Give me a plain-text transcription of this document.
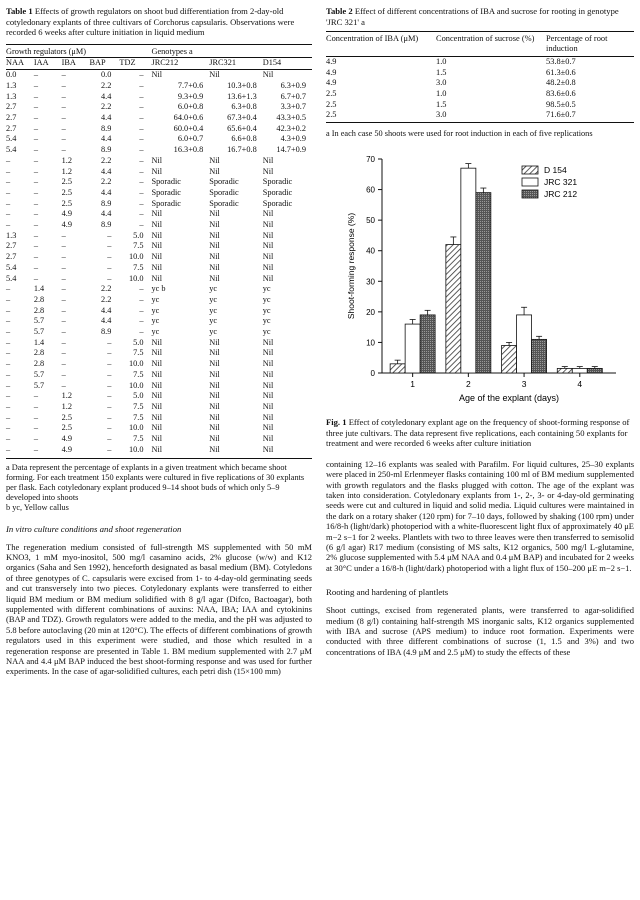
Table 1 Effects of growth regulators on shoot bud differentiation from 2-day-old cotyledonary explants of three cultivars of Corchorus capsularis. Observations were recorded 6 weeks after culture initiation in liquid medium
Growth regulators (μM)					Genotypes a		
NAA	IAA	IBA	BAP	TDZ	JRC212	JRC321	D154
0.0	–	–	0.0	–	Nil	Nil	Nil
1.3	–	–	2.2	–	7.7+0.6	10.3+0.8	6.3+0.9
1.3	–	–	4.4	–	9.3+0.9	13.6+1.3	6.7+0.7
2.7	–	–	2.2	–	6.0+0.8	6.3+0.8	3.3+0.7
2.7	–	–	4.4	–	64.0+0.6	67.3+0.4	43.3+0.5
2.7	–	–	8.9	–	60.0+0.4	65.6+0.4	42.3+0.2
5.4	–	–	4.4	–	6.0+0.7	6.6+0.8	4.3+0.9
5.4	–	–	8.9	–	16.3+0.8	16.7+0.8	14.7+0.9
–	–	1.2	2.2	–	Nil	Nil	Nil
–	–	1.2	4.4	–	Nil	Nil	Nil
–	–	2.5	2.2	–	Sporadic	Sporadic	Sporadic
–	–	2.5	4.4	–	Sporadic	Sporadic	Sporadic
–	–	2.5	8.9	–	Sporadic	Sporadic	Sporadic
–	–	4.9	4.4	–	Nil	Nil	Nil
–	–	4.9	8.9	–	Nil	Nil	Nil
1.3	–	–	–	5.0	Nil	Nil	Nil
2.7	–	–	–	7.5	Nil	Nil	Nil
2.7	–	–	–	10.0	Nil	Nil	Nil
5.4	–	–	–	7.5	Nil	Nil	Nil
5.4	–	–	–	10.0	Nil	Nil	Nil
–	1.4	–	2.2	–	yc b	yc	yc
–	2.8	–	2.2	–	yc	yc	yc
–	2.8	–	4.4	–	yc	yc	yc
–	5.7	–	4.4	–	yc	yc	yc
–	5.7	–	8.9	–	yc	yc	yc
–	1.4	–	–	5.0	Nil	Nil	Nil
–	2.8	–	–	7.5	Nil	Nil	Nil
–	2.8	–	–	10.0	Nil	Nil	Nil
–	5.7	–	–	7.5	Nil	Nil	Nil
–	5.7	–	–	10.0	Nil	Nil	Nil
–	–	1.2	–	5.0	Nil	Nil	Nil
–	–	1.2	–	7.5	Nil	Nil	Nil
–	–	2.5	–	7.5	Nil	Nil	Nil
–	–	2.5	–	10.0	Nil	Nil	Nil
–	–	4.9	–	7.5	Nil	Nil	Nil
–	–	4.9	–	10.0	Nil	Nil	Nil
a Data represent the percentage of explants in a given treatment which became shoot forming. For each treatment 150 explants were cultured in five replications of 30 explants per flask. Each cotyledonary explant produced 9–14 shoot buds of which only 5–9 developed into shoots
b yc, Yellow callus
In vitro culture conditions and shoot regeneration
The regeneration medium consisted of full-strength MS supplemented with 50 mM KNO3, 1 mM myo-inositol, 500 mg/l casamino acids, 2% glucose (w/w) and K12 organics (Saha and Sen 1992), henceforth designated as basal medium (BM). Cotyledons of three genotypes of C. capsularis were excised from 1- to 4-day-old germinating seeds and cut transversely into two pieces. Cotyledonary explants were transferred to either liquid BM medium or BM medium solidified with 8 g/l agar (Difco, Bactoagar), both supplemented with different combinations of auxins: NAA, IBA; IAA and cytokinins (BAP and TDZ). Growth regulators were added to the media, and the pH was adjusted to 5.8 before autoclaving (20 min at 120°C). The effects of different combinations of growth regulators used in this experiment were studied, and those which resulted in a regeneration response are presented in Table 1. BM medium supplemented with 2.7 μM NAA and 4.4 μM BAP induced the best shoot-forming response and was used for further experiments. In the case of agar-solidified cultures, each petri dish (15×100 mm)
Table 2 Effect of different concentrations of IBA and sucrose for rooting in genotype 'JRC 321' a
Concentration of IBA (μM)	Concentration of sucrose (%)	Percentage of root induction
4.9	1.0	53.8±0.7
4.9	1.5	61.3±0.6
4.9	3.0	48.2±0.8
2.5	1.0	83.6±0.6
2.5	1.5	98.5±0.5
2.5	3.0	71.6±0.7
a In each case 50 shoots were used for root induction in each of five replications
0
10
20
30
40
50
60
70
Shoot-forming response (%)
Age of the explant (days)
1	2	3	4
D 154
JRC 321
JRC 212
Fig. 1 Effect of cotyledonary explant age on the frequency of shoot-forming response of three jute cultivars. The data represent five replications, each containing 50 explants for treatment and were recorded 6 weeks after culture initiation
containing 12–16 explants was sealed with Parafilm. For liquid cultures, 25–30 explants were placed in 250-ml Erlenmeyer flasks containing 100 ml of BM medium supplemented with growth regulators and the flasks plugged with cotton. The age of the explant was taken into consideration. Cotyledonary explants from 1-, 2-, 3- or 4-day-old germinating seeds were cut and cultured in liquid and solid media. Liquid cultures were maintained in the dark on a rotary shaker (120 rpm) for 7–10 days, followed by shaking (100 rpm) under 16/8-h (light/dark) photoperiod with a white-fluorescent light flux of approximately 40 μE m−2 s−1 for 2 weeks. Plantlets with two to three leaves were then transferred to semisolid (6 g/l agar) R17 medium (consisting of MS salts, K12 organics, 500 mg/l L-glutamine, 2% glucose supplemented with 5.4 μM NAA and 0.4 μM BAP) and incubated for 2 weeks at 30°C under a 16/8-h (light/dark) photoperiod with a light flux of 150–200 μE m−2 s−1.
Rooting and hardening of plantlets
Shoot cuttings, excised from regenerated plants, were transferred to agar-solidified medium (8 g/l) containing half-strength MS inorganic salts, K12 organics supplemented with IBA and sucrose (APS medium) to induce root formation. Experiments were conducted with three different combinations of sucrose (1, 1.5 and 3%) and two concentrations of IBA (4.9 μM and 2.5 μM) to study the effects of these
